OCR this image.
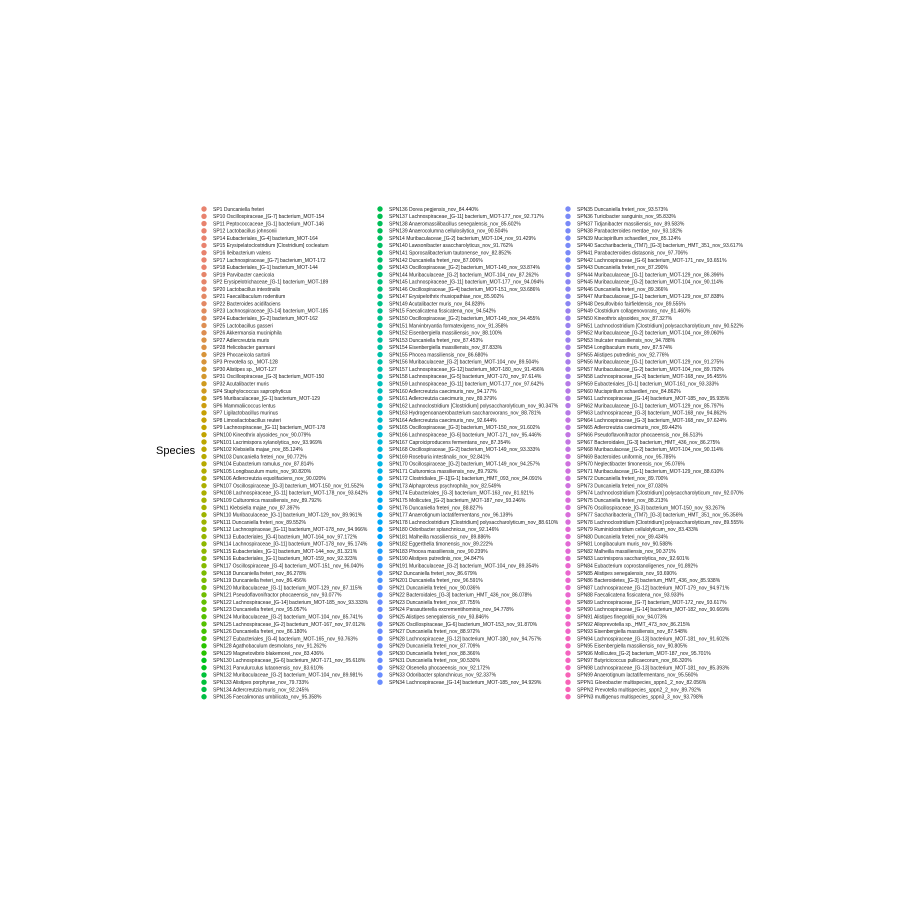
Species
SP1 Duncaniella freteri
SP10 Oscillospiraceae_[G-7] bacterium_MOT-154
SP11 Peptococcaceae_[G-1] bacterium_MOT-146
SP12 Lactobacillus johnsonii
SP14 Eubacteriales_[G-4] bacterium_MOT-164
SP15 Erysipelatoclostridium [Clostridium] cocleatum
SP16 Ileibacterium valens
SP17 Lachnospiraceae_[G-7] bacterium_MOT-172
SP18 Eubacteriales_[G-1] bacterium_MOT-144
SP19 Parvibacter caecicola
SP2 Erysipelotrichaceae_[G-1] bacterium_MOT-189
SP20 Lactobacillus intestinalis
SP21 Faecalibaculum rodentium
SP22 Bacteroides acidifaciens
SP23 Lachnospiraceae_[G-14] bacterium_MOT-185
SP24 Eubacteriales_[G-2] bacterium_MOT-162
SP25 Lactobacillus gasseri
SP26 Akkermansia muciniphila
SP27 Adlercreutzia muris
SP28 Helicobacter ganmani
SP29 Phocaeicola sartorii
SP3 Prevotella sp._MOT-128
SP30 Alistipes sp._MOT-127
SP31 Oscillospiraceae_[G-3] bacterium_MOT-150
SP32 Acutalibacter muris
SP4 Staphylococcus saprophyticus
SP5 Muribaculaceae_[G-1] bacterium_MOT-129
SP6 Mammaliicoccus lentus
SP7 Ligilactobacillus murinus
SP8 Limosilactobacillus reuteri
SP9 Lachnospiraceae_[G-11] bacterium_MOT-178
SPN100 Kineothrix alysoides_nov_90.079%
SPN101 Lacrimispora xylanolytica_nov_93.969%
SPN102 Klebsiella majae_nov_85.124%
SPN103 Duncaniella freteri_nov_90.772%
SPN104 Eubacterium ramulus_nov_87.814%
SPN105 Longibaculum muris_nov_90.820%
SPN106 Adlercreutzia equolifaciens_nov_90.020%
SPN107 Oscillospiraceae_[G-3] bacterium_MOT-150_nov_91.552%
SPN108 Lachnospiraceae_[G-11] bacterium_MOT-178_nov_93.642%
SPN109 Culturomica massiliensis_nov_89.792%
SPN11 Klebsiella majae_nov_87.397%
SPN110 Muribaculaceae_[G-1] bacterium_MOT-129_nov_89.961%
SPN111 Duncaniella freteri_nov_89.552%
SPN112 Lachnospiraceae_[G-11] bacterium_MOT-178_nov_94.966%
SPN113 Eubacteriales_[G-4] bacterium_MOT-164_nov_97.172%
SPN114 Lachnospiraceae_[G-11] bacterium_MOT-178_nov_95.174%
SPN115 Eubacteriales_[G-1] bacterium_MOT-144_nov_81.321%
SPN116 Eubacteriales_[G-1] bacterium_MOT-159_nov_92.323%
SPN117 Oscillospiraceae_[G-4] bacterium_MOT-151_nov_96.040%
SPN118 Duncaniella freteri_nov_86.278%
SPN119 Duncaniella freteri_nov_86.456%
SPN120 Muribaculaceae_[G-1] bacterium_MOT-129_nov_87.115%
SPN121 Pseudoflavonifractor phocaeensis_nov_93.077%
SPN122 Lachnospiraceae_[G-14] bacterium_MOT-185_nov_93.333%
SPN123 Duncaniella freteri_nov_95.057%
SPN124 Muribaculaceae_[G-2] bacterium_MOT-104_nov_85.741%
SPN125 Lachnospiraceae_[G-2] bacterium_MOT-167_nov_97.012%
SPN126 Duncaniella freteri_nov_86.180%
SPN127 Eubacteriales_[G-4] bacterium_MOT-165_nov_93.763%
SPN128 Agathobaculum desmolans_nov_91.262%
SPN129 Magnetovibrio blakemorei_nov_83.436%
SPN130 Lachnospiraceae_[G-6] bacterium_MOT-171_nov_95.618%
SPN131 Parvulurculus lutaonensis_nov_83.610%
SPN132 Muribaculaceae_[G-2] bacterium_MOT-104_nov_89.981%
SPN133 Alistipes porphyrae_nov_79.733%
SPN134 Adlercreutzia muris_nov_92.245%
SPN135 Faecalimonas umbilicata_nov_95.358%
SPN136 Dorea pegjensis_nov_84.440%
SPN137 Lachnospiraceae_[G-11] bacterium_MOT-177_nov_92.717%
SPN138 Anaeromassilibacillus senegalensis_nov_85.602%
SPN139 Anaerocolumna cellulosilytica_nov_90.504%
SPN14 Muribaculaceae_[G-2] bacterium_MOT-104_nov_91.429%
SPN140 Lawsonibacter asaccharolyticus_nov_91.762%
SPN141 Sporosalibacterium tautonense_nov_82.852%
SPN142 Duncaniella freteri_nov_87.006%
SPN143 Oscillospiraceae_[G-2] bacterium_MOT-149_nov_93.874%
SPN144 Muribaculaceae_[G-2] bacterium_MOT-104_nov_87.262%
SPN145 Lachnospiraceae_[G-11] bacterium_MOT-177_nov_94.094%
SPN146 Oscillospiraceae_[G-4] bacterium_MOT-151_nov_93.686%
SPN147 Erysipelothrix rhusiopathiae_nov_85.902%
SPN149 Acutalibacter muris_nov_84.828%
SPN15 Faecalicatena fissicatena_nov_94.542%
SPN150 Oscillospiraceae_[G-2] bacterium_MOT-149_nov_94.455%
SPN151 Marvinbryantia formatexigens_nov_91.358%
SPN152 Eisenbergiella massiliensis_nov_88.100%
SPN153 Duncaniella freteri_nov_87.453%
SPN154 Eisenbergiella massiliensis_nov_87.833%
SPN155 Phocea massiliensis_nov_86.680%
SPN156 Muribaculaceae_[G-2] bacterium_MOT-104_nov_89.504%
SPN157 Lachnospiraceae_[G-12] bacterium_MOT-180_nov_91.456%
SPN158 Lachnospiraceae_[G-5] bacterium_MOT-170_nov_97.614%
SPN159 Lachnospiraceae_[G-11] bacterium_MOT-177_nov_97.642%
SPN160 Adlercreutzia caecimuris_nov_94.177%
SPN161 Adlercreutzia caecimuris_nov_89.379%
SPN162 Lachnoclostridium [Clostridium] polysaccharolyticum_nov_90.347%
SPN163 Hydrogenoanaerobacterium saccharovorans_nov_88.781%
SPN164 Adlercreutzia caecimuris_nov_92.644%
SPN165 Oscillospiraceae_[G-3] bacterium_MOT-150_nov_91.602%
SPN166 Lachnospiraceae_[G-6] bacterium_MOT-171_nov_95.446%
SPN167 Caproiciproducens fermentans_nov_87.354%
SPN168 Oscillospiraceae_[G-2] bacterium_MOT-149_nov_93.333%
SPN169 Roseburia intestinalis_nov_92.841%
SPN170 Oscillospiraceae_[G-2] bacterium_MOT-149_nov_94.257%
SPN171 Culturomica massiliensis_nov_89.792%
SPN172 Clostridiales_[F-1][G-1] bacterium_HMT_093_nov_84.091%
SPN173 Alphaproteus psychrophila_nov_82.549%
SPN174 Eubacteriales_[G-3] bacterium_MOT-163_nov_81.921%
SPN175 Mollicutes_[G-2] bacterium_MOT-187_nov_93.246%
SPN176 Duncaniella freteri_nov_88.827%
SPN177 Anaerotignum lactatifermentans_nov_96.139%
SPN178 Lachnoclostridium [Clostridium] polysaccharolyticum_nov_88.610%
SPN180 Odoribacter splanchnicus_nov_92.146%
SPN181 Malheilla massiliensis_nov_89.886%
SPN182 Eggerthella timonensis_nov_89.222%
SPN183 Phocea massiliensis_nov_90.239%
SPN190 Alistipes putredinis_nov_94.847%
SPN191 Muribaculaceae_[G-2] bacterium_MOT-104_nov_89.354%
SPN2 Duncaniella freteri_nov_86.679%
SPN201 Duncaniella freteri_nov_96.591%
SPN21 Duncaniella freteri_nov_90.036%
SPN22 Bacteroidales_[G-3] bacterium_HMT_436_nov_86.078%
SPN23 Duncaniella freteri_nov_87.755%
SPN24 Parasutterella excrementihominis_nov_94.778%
SPN25 Alistipes senegalensis_nov_93.846%
SPN26 Oscillospiraceae_[G-6] bacterium_MOT-153_nov_91.870%
SPN27 Duncaniella freteri_nov_88.972%
SPN28 Lachnospiraceae_[G-12] bacterium_MOT-180_nov_94.757%
SPN29 Duncaniella freteri_nov_87.709%
SPN30 Duncaniella freteri_nov_88.366%
SPN31 Duncaniella freteri_nov_90.530%
SPN32 Olsenella phocaeensis_nov_92.172%
SPN33 Odoribacter splanchnicus_nov_92.337%
SPN34 Lachnospiraceae_[G-14] bacterium_MOT-185_nov_94.929%
SPN35 Duncaniella freteri_nov_93.573%
SPN36 Turicibacter sanguinis_nov_95.833%
SPN37 Tidjanibacter massiliensis_nov_89.583%
SPN38 Parabacteroides merdae_nov_93.182%
SPN39 Mucispirillum schaedleri_nov_85.124%
SPN40 Saccharibacteria_(TM7)_[G-3] bacterium_HMT_351_nov_93.617%
SPN41 Parabacteroides distasonis_nov_97.706%
SPN42 Lachnospiraceae_[G-6] bacterium_MOT-171_nov_93.651%
SPN43 Duncaniella freteri_nov_87.290%
SPN44 Muribaculaceae_[G-1] bacterium_MOT-129_nov_86.396%
SPN45 Muribaculaceae_[G-2] bacterium_MOT-104_nov_90.114%
SPN46 Duncaniella freteri_nov_89.366%
SPN47 Muribaculaceae_[G-1] bacterium_MOT-129_nov_87.838%
SPN48 Desulfovibrio fairfieldensis_nov_89.555%
SPN49 Clostridium collagenovorans_nov_81.460%
SPN50 Kineothrix alysoides_nov_87.327%
SPN51 Lachnoclostridium [Clostridium] polysaccharolyticum_nov_90.522%
SPN52 Muribaculaceae_[G-2] bacterium_MOT-104_nov_89.060%
SPN53 Inulcater massiliensis_nov_94.788%
SPN54 Longibaculum muris_nov_87.574%
SPN55 Alistipes putredinis_nov_92.776%
SPN56 Muribaculaceae_[G-1] bacterium_MOT-129_nov_91.275%
SPN57 Muribaculaceae_[G-2] bacterium_MOT-104_nov_89.792%
SPN58 Lachnospiraceae_[G-3] bacterium_MOT-168_nov_95.455%
SPN59 Eubacteriales_[G-1] bacterium_MOT-161_nov_93.333%
SPN60 Mucispirillum schaedleri_nov_84.862%
SPN61 Lachnospiraceae_[G-14] bacterium_MOT-185_nov_95.935%
SPN62 Muribaculaceae_[G-1] bacterium_MOT-129_nov_85.797%
SPN63 Lachnospiraceae_[G-3] bacterium_MOT-168_nov_94.862%
SPN64 Lachnospiraceae_[G-3] bacterium_MOT-168_nov_97.624%
SPN65 Adlercreutzia caecimuris_nov_89.442%
SPN66 Pseudoflavonifractor phocaeensis_nov_86.513%
SPN67 Bacteroidales_[G-3] bacterium_HMT_436_nov_86.275%
SPN68 Muribaculaceae_[G-2] bacterium_MOT-104_nov_90.114%
SPN69 Bacteroides uniformis_nov_95.785%
SPN70 Neglectibacter timonensis_nov_95.076%
SPN71 Muribaculaceae_[G-1] bacterium_MOT-129_nov_88.610%
SPN72 Duncaniella freteri_nov_89.700%
SPN73 Duncaniella freteri_nov_87.030%
SPN74 Lachnoclostridium [Clostridium] polysaccharolyticum_nov_92.070%
SPN75 Duncaniella freteri_nov_88.213%
SPN76 Oscillospiraceae_[G-3] bacterium_MOT-150_nov_93.267%
SPN77 Saccharibacteria_(TM7)_[G-3] bacterium_HMT_351_nov_95.356%
SPN78 Lachnoclostridium [Clostridium] polysaccharolyticum_nov_89.555%
SPN79 Ruminiclostridium cellulolyticum_nov_83.433%
SPN80 Duncaniella freteri_nov_89.434%
SPN81 Longibaculum muris_nov_90.588%
SPN82 Malheilla massiliensis_nov_90.371%
SPN83 Lacrimispora saccharolytica_nov_92.601%
SPN84 Eubacterium coprostanoligenes_nov_91.892%
SPN85 Alistipes senegalensis_nov_93.690%
SPN86 Bacteroidetes_[G-3] bacterium_HMT_436_nov_85.938%
SPN87 Lachnospiraceae_[G-12] bacterium_MOT-179_nov_94.971%
SPN88 Faecalicatena fissicatena_nov_93.933%
SPN89 Lachnospiraceae_[G-7] bacterium_MOT-172_nov_93.617%
SPN90 Lachnospiraceae_[G-14] bacterium_MOT-182_nov_90.669%
SPN91 Alistipes finegoldii_nov_94.073%
SPN92 Alloprevotella sp._HMT_473_nov_86.215%
SPN93 Eisenbergiella massiliensis_nov_87.548%
SPN94 Lachnospiraceae_[G-13] bacterium_MOT-181_nov_91.602%
SPN95 Eisenbergiella massiliensis_nov_90.805%
SPN96 Mollicutes_[G-2] bacterium_MOT-187_nov_95.701%
SPN97 Butyricicoccus pullicaecorum_nov_86.320%
SPN98 Lachnospiraceae_[G-13] bacterium_MOT-181_nov_85.393%
SPN99 Anaerotignum lactatifermentans_nov_95.560%
SPPN1 Gloeobacter multispecies_sppn1_2_nov_82.056%
SPPN2 Prevotella multispecies_sppn2_2_nov_89.792%
SPPN3 multigenus multispecies_sppn3_3_nov_93.798%
